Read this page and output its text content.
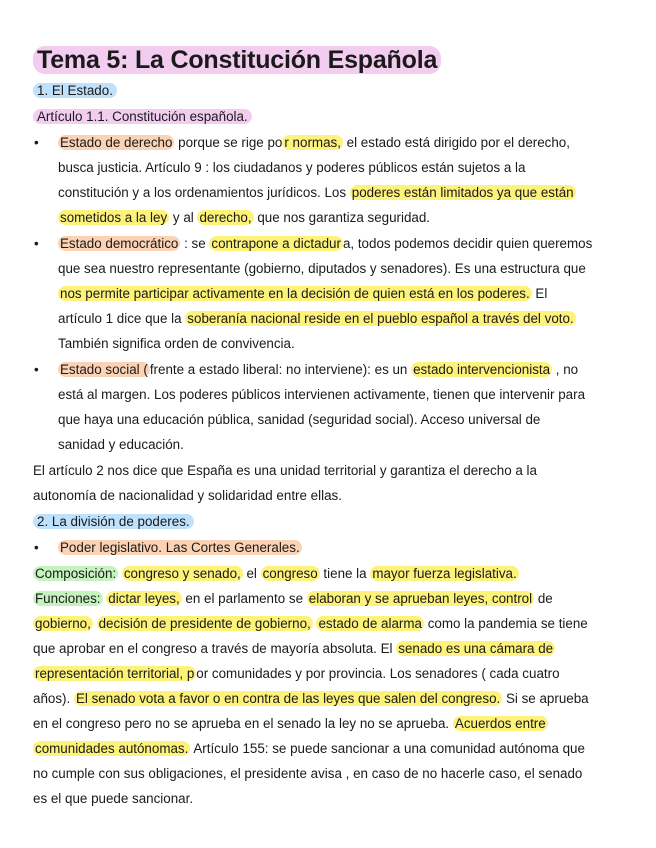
Tema 5: La Constitución Española
1. El Estado.
Artículo 1.1. Constitución española.
• Estado de derecho porque se rige po r normas, el estado está dirigido por el derecho,
busca justicia. Artículo 9 : los ciudadanos y poderes públicos están sujetos a la
constitución y a los ordenamientos jurídicos. Los poderes están limitados ya que están
sometidos a la ley y al derecho, que nos garantiza seguridad.
• Estado democrático : se contrapone a dictadur a, todos podemos decidir quien queremos
que sea nuestro representante (gobierno, diputados y senadores). Es una estructura que
nos permite participar activamente en la decisión de quien está en los poderes. El
artículo 1 dice que la soberanía nacional reside en el pueblo español a través del voto.
También significa orden de convivencia.
• Estado social ( frente a estado liberal: no interviene): es un estado intervencionista , no
está al margen. Los poderes públicos intervienen activamente, tienen que intervenir para
que haya una educación pública, sanidad (seguridad social). Acceso universal de
sanidad y educación.
El artículo 2 nos dice que España es una unidad territorial y garantiza el derecho a la
autonomía de nacionalidad y solidaridad entre ellas.
2. La división de poderes.
• Poder legislativo. Las Cortes Generales.
Composición: congreso y senado, el congreso tiene la mayor fuerza legislativa.
Funciones: dictar leyes, en el parlamento se elaboran y se aprueban leyes, control de
gobierno, decisión de presidente de gobierno, estado de alarma como la pandemia se tiene
que aprobar en el congreso a través de mayoría absoluta. El senado es una cámara de
representación territorial, p or comunidades y por provincia. Los senadores ( cada cuatro
años). El senado vota a favor o en contra de las leyes que salen del congreso. Si se aprueba
en el congreso pero no se aprueba en el senado la ley no se aprueba. Acuerdos entre
comunidades autónomas. Artículo 155: se puede sancionar a una comunidad autónoma que
no cumple con sus obligaciones, el presidente avisa , en caso de no hacerle caso, el senado
es el que puede sancionar.
